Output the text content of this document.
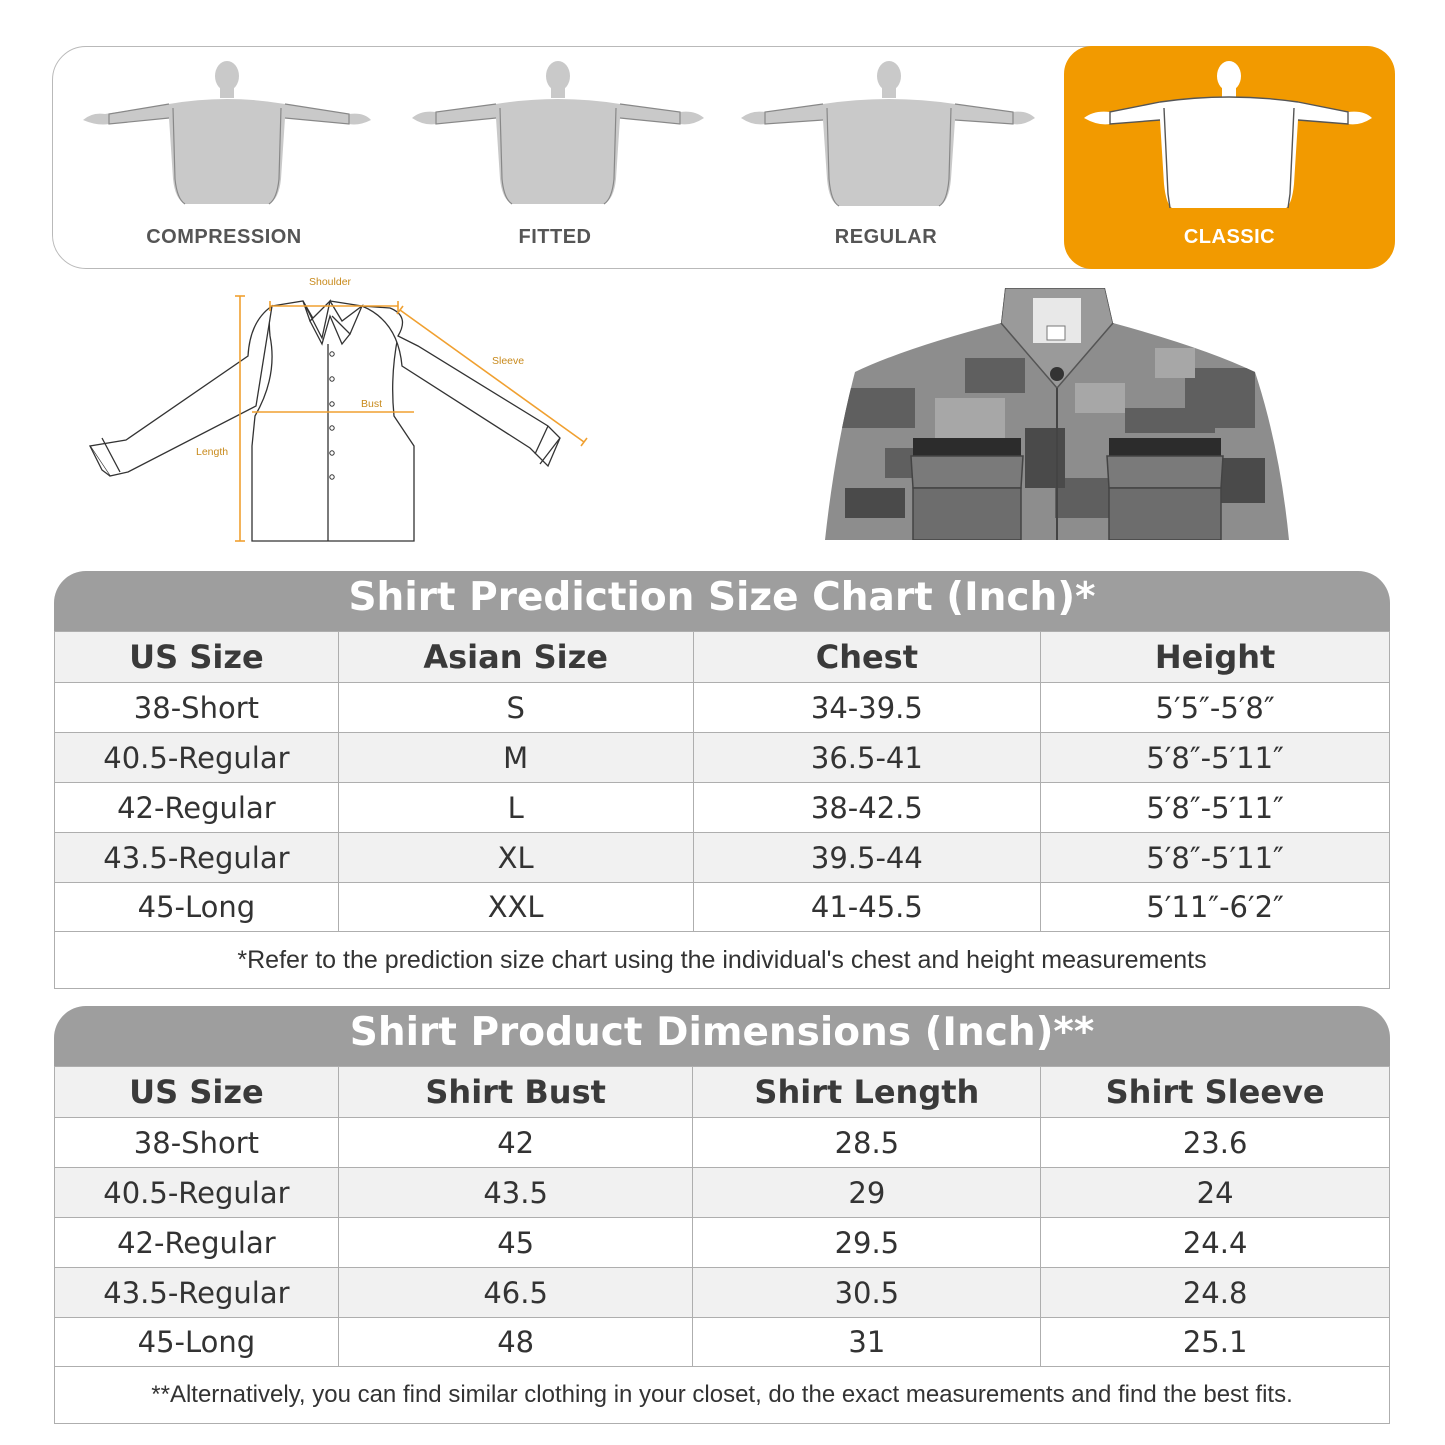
COMPRESSION	FITTED	REGULAR	CLASSIC
Shoulder
Sleeve
Bust
Length
Shirt Prediction Size Chart (Inch)*
US Size	Asian Size	Chest	Height
38-Short	S	34-39.5	5′5″-5′8″
40.5-Regular	M	36.5-41	5′8″-5′11″
42-Regular	L	38-42.5	5′8″-5′11″
43.5-Regular	XL	39.5-44	5′8″-5′11″
45-Long	XXL	41-45.5	5′11″-6′2″
*Refer to the prediction size chart using the individual's chest and height measurements			
Shirt Product Dimensions (Inch)**
US Size	Shirt Bust	Shirt Length	Shirt Sleeve
38-Short	42	28.5	23.6
40.5-Regular	43.5	29	24
42-Regular	45	29.5	24.4
43.5-Regular	46.5	30.5	24.8
45-Long	48	31	25.1
**Alternatively, you can find similar clothing in your closet, do the exact measurements and find the best fits.			
